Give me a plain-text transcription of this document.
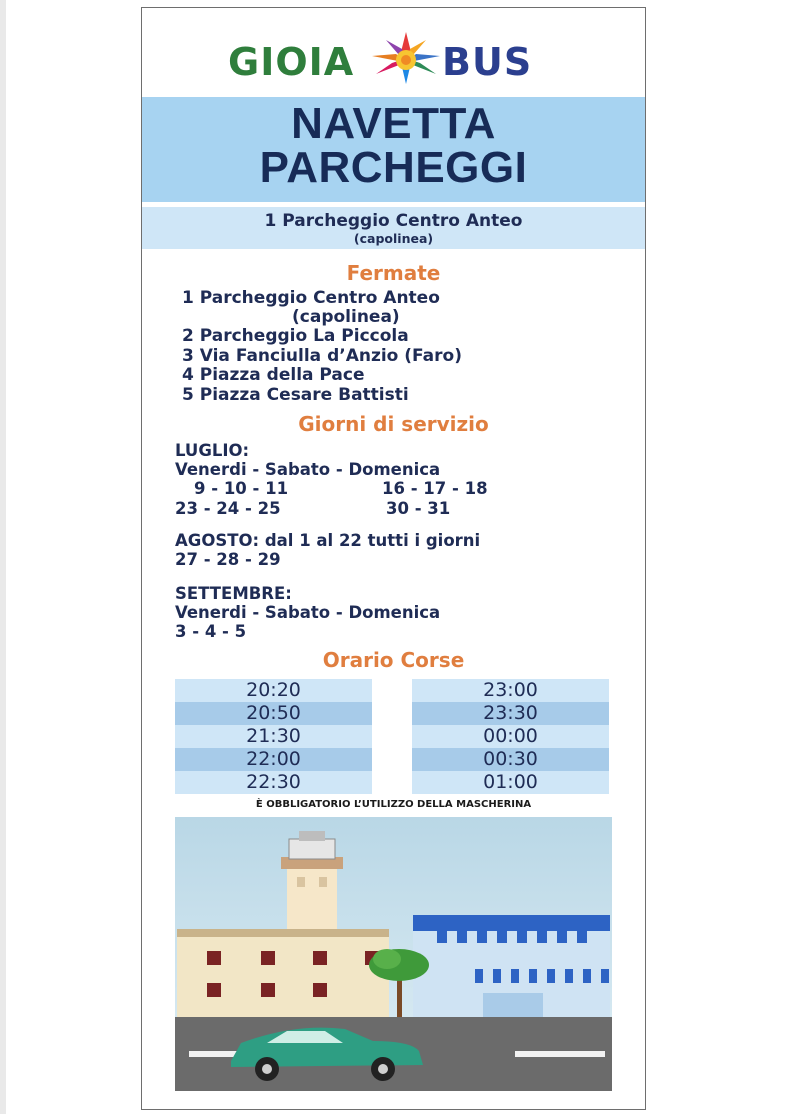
GIOIA BUS
NAVETTA
PARCHEGGI
1 Parcheggio Centro Anteo
(capolinea)
Fermate
1 Parcheggio Centro Anteo
(capolinea)
2 Parcheggio La Piccola
3 Via Fanciulla d’Anzio (Faro)
4 Piazza della Pace
5 Piazza Cesare Battisti
Giorni di servizio
LUGLIO:
Venerdi - Sabato - Domenica
9 - 10 - 11	16 - 17 - 18
23 - 24 - 25	30 - 31
AGOSTO: dal 1 al 22 tutti i giorni
27 - 28 - 29
SETTEMBRE:
Venerdi - Sabato - Domenica
3 - 4 - 5
Orario Corse
20:20
20:50
21:30
22:00
22:30
23:00
23:30
00:00
00:30
01:00
È OBBLIGATORIO L’UTILIZZO DELLA MASCHERINA
